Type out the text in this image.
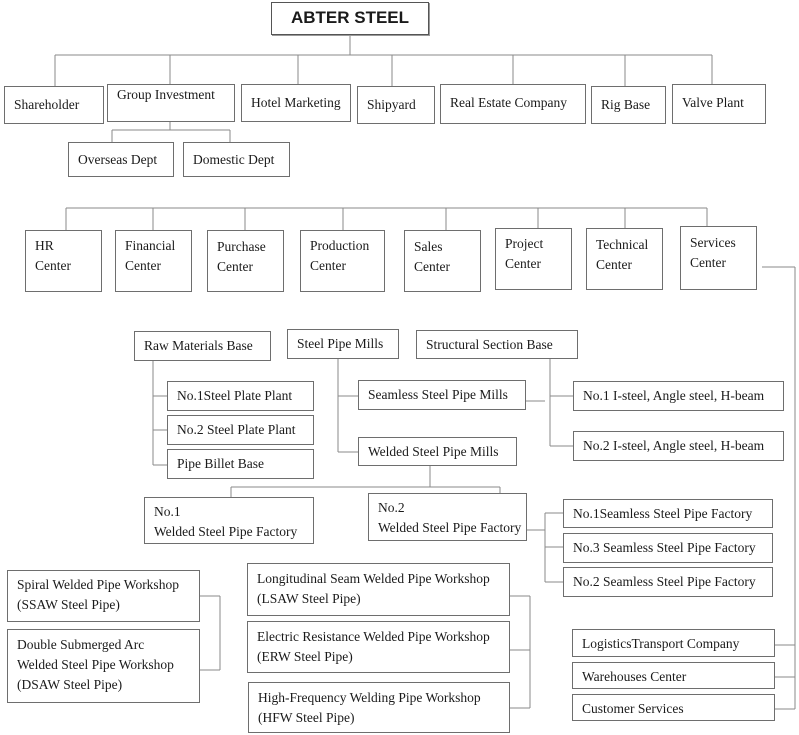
ABTER STEEL
Shareholder
Group Investment
Hotel Marketing Shipyard	Real Estate Company	Rig Base	Valve Plant
Overseas Dept	Domestic Dept
HR
Center
Financial
Center
Purchase
Center
Production
Center
Sales
Center
Project
Center
Technical
Center
Services
Center
Raw Materials Base	Steel Pipe Mills	Structural Section Base
No.1Steel Plate Plant
No.2 Steel Plate Plant
Pipe Billet Base
Seamless Steel Pipe Mills
Welded Steel Pipe Mills
No.1 I-steel, Angle steel, H-beam
No.2 I-steel, Angle steel, H-beam
No.1
Welded Steel Pipe Factory
No.2
Welded Steel Pipe Factory
No.1Seamless Steel Pipe Factory
No.3 Seamless Steel Pipe Factory
No.2 Seamless Steel Pipe Factory
Spiral Welded Pipe Workshop
(SSAW Steel Pipe)
Double Submerged Arc
Welded Steel Pipe Workshop
(DSAW Steel Pipe)
Longitudinal Seam Welded Pipe Workshop
(LSAW Steel Pipe)
Electric Resistance Welded Pipe Workshop
(ERW Steel Pipe)
High-Frequency Welding Pipe Workshop
(HFW Steel Pipe)
LogisticsTransport Company
Warehouses Center
Customer Services
